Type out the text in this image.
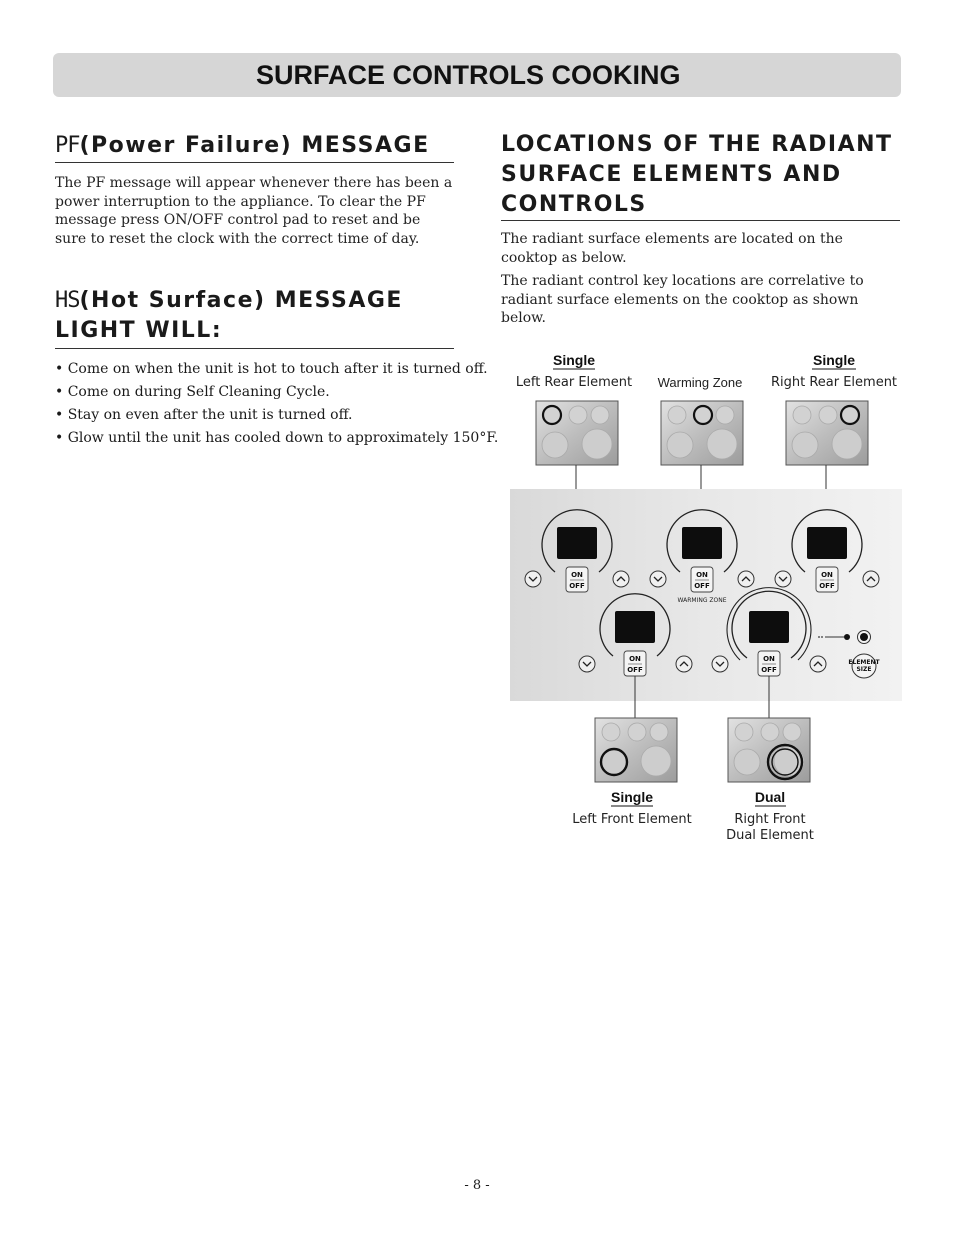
SURFACE CONTROLS COOKING
PF(Power Failure) MESSAGE

The PF message will appear whenever there has been a power interruption to the appliance. To clear the PF message press ON/OFF control pad to reset and be sure to reset the clock with the correct time of day.

HS(Hot Surface) MESSAGE
LIGHT WILL:
• Come on when the unit is hot to touch after it is turned off.
• Come on during Self Cleaning Cycle.
• Stay on even after the unit is turned off.
• Glow until the unit has cooled down to approximately 150°F.
LOCATIONS OF THE RADIANT
SURFACE ELEMENTS AND
CONTROLS

The radiant surface elements are located on the cooktop as below.

The radiant control key locations are correlative to radiant surface elements on the cooktop as shown below.

Single
Left Rear Element Warming Zone
Single
Right Rear Element
ON
OFF
ON
OFF
WARMING ZONE
ON
OFF
ON
OFF
ON
OFF
ELEMENT
SIZE
Single
Left Front Element
Dual
Right Front
Dual Element
- 8 -
